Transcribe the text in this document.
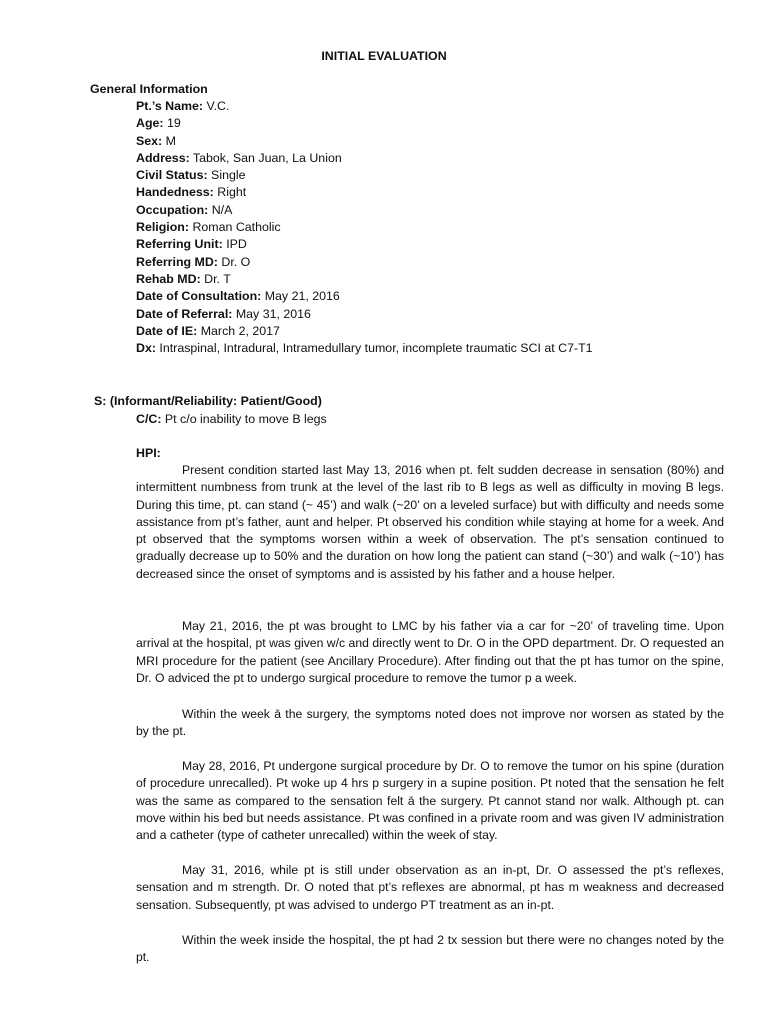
INITIAL EVALUATION
General Information
Pt.’s Name: V.C.
Age: 19
Sex: M
Address: Tabok, San Juan, La Union
Civil Status: Single
Handedness: Right
Occupation: N/A
Religion: Roman Catholic
Referring Unit: IPD
Referring MD: Dr. O
Rehab MD: Dr. T
Date of Consultation: May 21, 2016
Date of Referral: May 31, 2016
Date of IE: March 2, 2017
Dx: Intraspinal, Intradural, Intramedullary tumor, incomplete traumatic SCI at C7-T1
S: (Informant/Reliability: Patient/Good)
C/C: Pt c/o inability to move B legs
HPI:

Present condition started last May 13, 2016 when pt. felt sudden decrease in sensation (80%) and intermittent numbness from trunk at the level of the last rib to B legs as well as difficulty in moving B legs. During this time, pt. can stand (~ 45’) and walk (~20’ on a leveled surface) but with difficulty and needs some assistance from pt’s father, aunt and helper. Pt observed his condition while staying at home for a week. And pt observed that the symptoms worsen within a week of observation. The pt’s sensation continued to gradually decrease up to 50% and the duration on how long the patient can stand (~30’) and walk (~10’) has decreased since the onset of symptoms and is assisted by his father and a house helper.

May 21, 2016, the pt was brought to LMC by his father via a car for ~20’ of traveling time. Upon arrival at the hospital, pt was given w/c and directly went to Dr. O in the OPD department. Dr. O requested an MRI procedure for the patient (see Ancillary Procedure). After finding out that the pt has tumor on the spine, Dr. O adviced the pt to undergo surgical procedure to remove the tumor p a week.

Within the week ā the surgery, the symptoms noted does not improve nor worsen as stated by the by the pt.

May 28, 2016, Pt undergone surgical procedure by Dr. O to remove the tumor on his spine (duration of procedure unrecalled). Pt woke up 4 hrs p surgery in a supine position. Pt noted that the sensation he felt was the same as compared to the sensation felt ā the surgery. Pt cannot stand nor walk. Although pt. can move within his bed but needs assistance. Pt was confined in a private room and was given IV administration and a catheter (type of catheter unrecalled) within the week of stay.

May 31, 2016, while pt is still under observation as an in-pt, Dr. O assessed the pt’s reflexes, sensation and m strength. Dr. O noted that pt’s reflexes are abnormal, pt has m weakness and decreased sensation. Subsequently, pt was advised to undergo PT treatment as an in-pt.

Within the week inside the hospital, the pt had 2 tx session but there were no changes noted by the pt.
